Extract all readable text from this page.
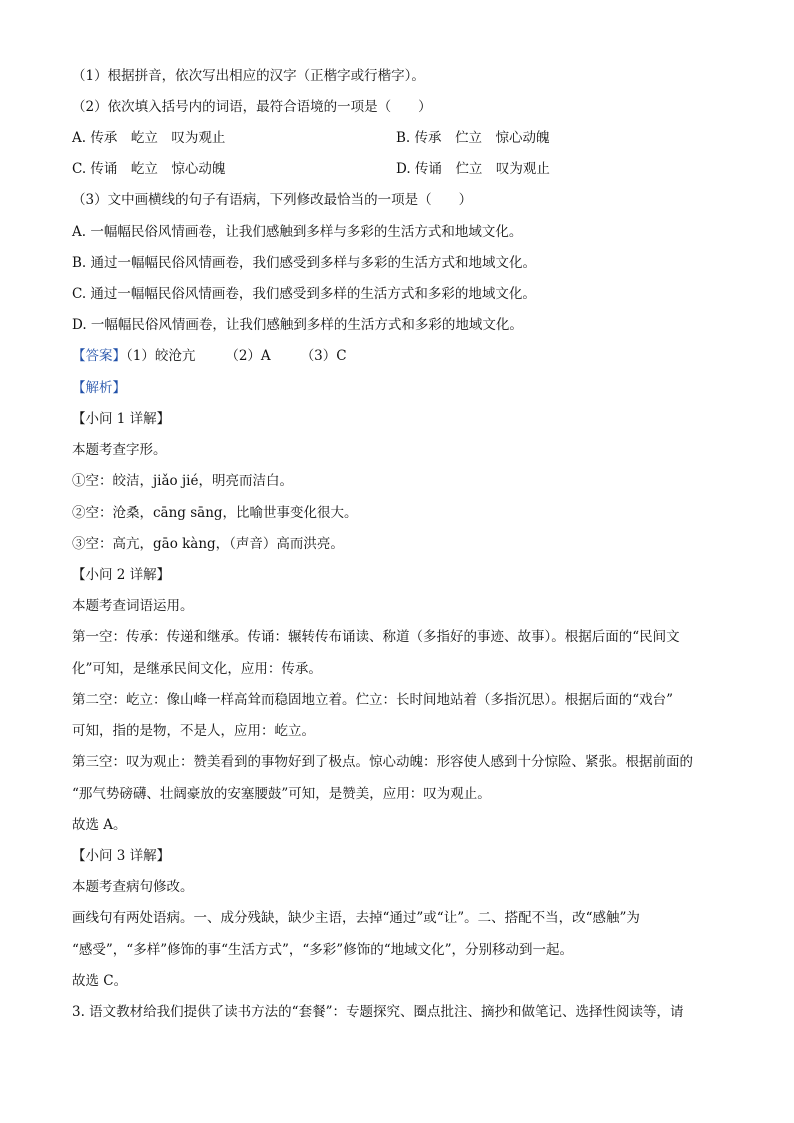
（1）根据拼音，依次写出相应的汉字（正楷字或行楷字）。
（2）依次填入括号内的词语，最符合语境的一项是（　　）
A. 传承　屹立　叹为观止	B. 传承　伫立　惊心动魄
C. 传诵　屹立　惊心动魄	D. 传诵　伫立　叹为观止
（3）文中画横线的句子有语病，下列修改最恰当的一项是（　　）
A. 一幅幅民俗风情画卷，让我们感触到多样与多彩的生活方式和地域文化。
B. 通过一幅幅民俗风情画卷，我们感受到多样与多彩的生活方式和地域文化。
C. 通过一幅幅民俗风情画卷，我们感受到多样的生活方式和多彩的地域文化。
D. 一幅幅民俗风情画卷，让我们感触到多样的生活方式和多彩的地域文化。
【答案】（1）皎沧亢 （2）A （3）C
【解析】
【小问 1 详解】
本题考查字形。
①空：皎洁，jiǎo jié，明亮而洁白。
②空：沧桑，cāng sāng，比喻世事变化很大。
③空：高亢，gāo kàng，（声音）高而洪亮。
【小问 2 详解】
本题考查词语运用。
第一空：传承：传递和继承。传诵：辗转传布诵读、称道（多指好的事迹、故事）。根据后面的“民间文
化”可知，是继承民间文化，应用：传承。
第二空：屹立：像山峰一样高耸而稳固地立着。伫立：长时间地站着（多指沉思）。根据后面的“戏台”
可知，指的是物，不是人，应用：屹立。
第三空：叹为观止：赞美看到的事物好到了极点。惊心动魄：形容使人感到十分惊险、紧张。根据前面的
“那气势磅礴、壮阔豪放的安塞腰鼓”可知，是赞美，应用：叹为观止。
故选 A。
【小问 3 详解】
本题考查病句修改。
画线句有两处语病。一、成分残缺，缺少主语，去掉“通过”或“让”。二、搭配不当，改“感触”为
“感受”，“多样”修饰的事“生活方式”，“多彩”修饰的“地域文化”，分别移动到一起。
故选 C。
3. 语文教材给我们提供了读书方法的“套餐”：专题探究、圈点批注、摘抄和做笔记、选择性阅读等，请
